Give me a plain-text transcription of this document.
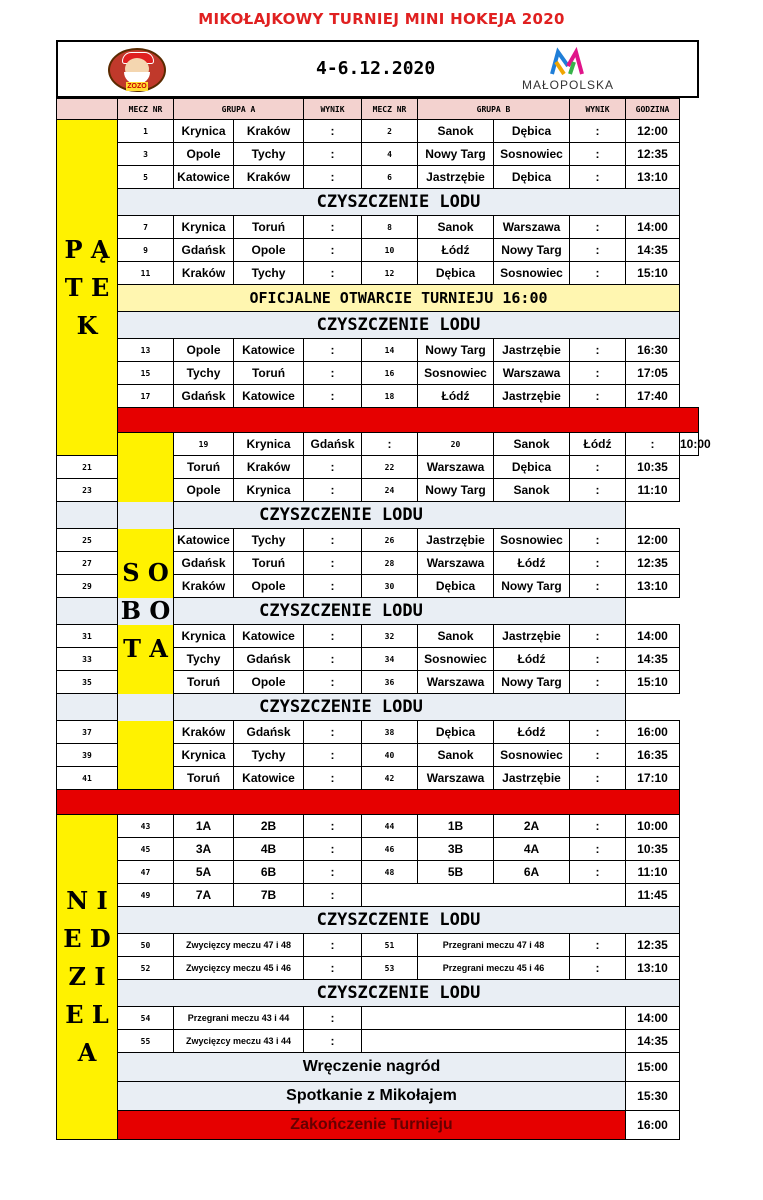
MIKOŁAJKOWY TURNIEJ MINI HOKEJA 2020
ZOZO
4-6.12.2020
MAŁOPOLSKA
	MECZ NR	GRUPA A		WYNIK	MECZ NR	GRUPA B		WYNIK	GODZINA	
P Ą T E K	1	Krynica	Kraków	:	2	Sanok	Dębica	:	12:00	
	3	Opole	Tychy	:	4	Nowy Targ	Sosnowiec	:	12:35	
	5	Katowice	Kraków	:	6	Jastrzębie	Dębica	:	13:10	
	CZYSZCZENIE LODU									
	7	Krynica	Toruń	:	8	Sanok	Warszawa	:	14:00	
	9	Gdańsk	Opole	:	10	Łódź	Nowy Targ	:	14:35	
	11	Kraków	Tychy	:	12	Dębica	Sosnowiec	:	15:10	
	OFICJALNE OTWARCIE TURNIEJU 16:00									
	CZYSZCZENIE LODU									
	13	Opole	Katowice	:	14	Nowy Targ	Jastrzębie	:	16:30	
	15	Tychy	Toruń	:	16	Sosnowiec	Warszawa	:	17:05	
	17	Gdańsk	Katowice	:	18	Łódź	Jastrzębie	:	17:40	

	S O B O T A	19	Krynica	Gdańsk	:	20	Sanok	Łódź	:	10:00
21		Toruń	Kraków	:	22	Warszawa	Dębica	:	10:35	
23		Opole	Krynica	:	24	Nowy Targ	Sanok	:	11:10	
CZYSZCZENIE LODU										
25		Katowice	Tychy	:	26	Jastrzębie	Sosnowiec	:	12:00	
27		Gdańsk	Toruń	:	28	Warszawa	Łódź	:	12:35	
29		Kraków	Opole	:	30	Dębica	Nowy Targ	:	13:10	
CZYSZCZENIE LODU										
31		Krynica	Katowice	:	32	Sanok	Jastrzębie	:	14:00	
33		Tychy	Gdańsk	:	34	Sosnowiec	Łódź	:	14:35	
35		Toruń	Opole	:	36	Warszawa	Nowy Targ	:	15:10	
CZYSZCZENIE LODU										
37		Kraków	Gdańsk	:	38	Dębica	Łódź	:	16:00	
39		Krynica	Tychy	:	40	Sanok	Sosnowiec	:	16:35	
41		Toruń	Katowice	:	42	Warszawa	Jastrzębie	:	17:10	

N I E D Z I E L A	43	1A	2B	:	44	1B	2A	:	10:00	
	45	3A	4B	:	46	3B	4A	:	10:35	
	47	5A	6B	:	48	5B	6A	:	11:10	
	49	7A	7B	:					11:45	
	CZYSZCZENIE LODU									
	50	Zwycięzcy meczu 47 i 48		:	51	Przegrani meczu 47 i 48		:	12:35	
	52	Zwycięzcy meczu 45 i 46		:	53	Przegrani meczu 45 i 46		:	13:10	
	CZYSZCZENIE LODU									
	54	Przegrani meczu 43 i 44		:					14:00	
	55	Zwycięzcy meczu 43 i 44		:					14:35	
	Wręczenie nagród								15:00	
	Spotkanie z Mikołajem								15:30	
	Zakończenie Turnieju								16:00	
